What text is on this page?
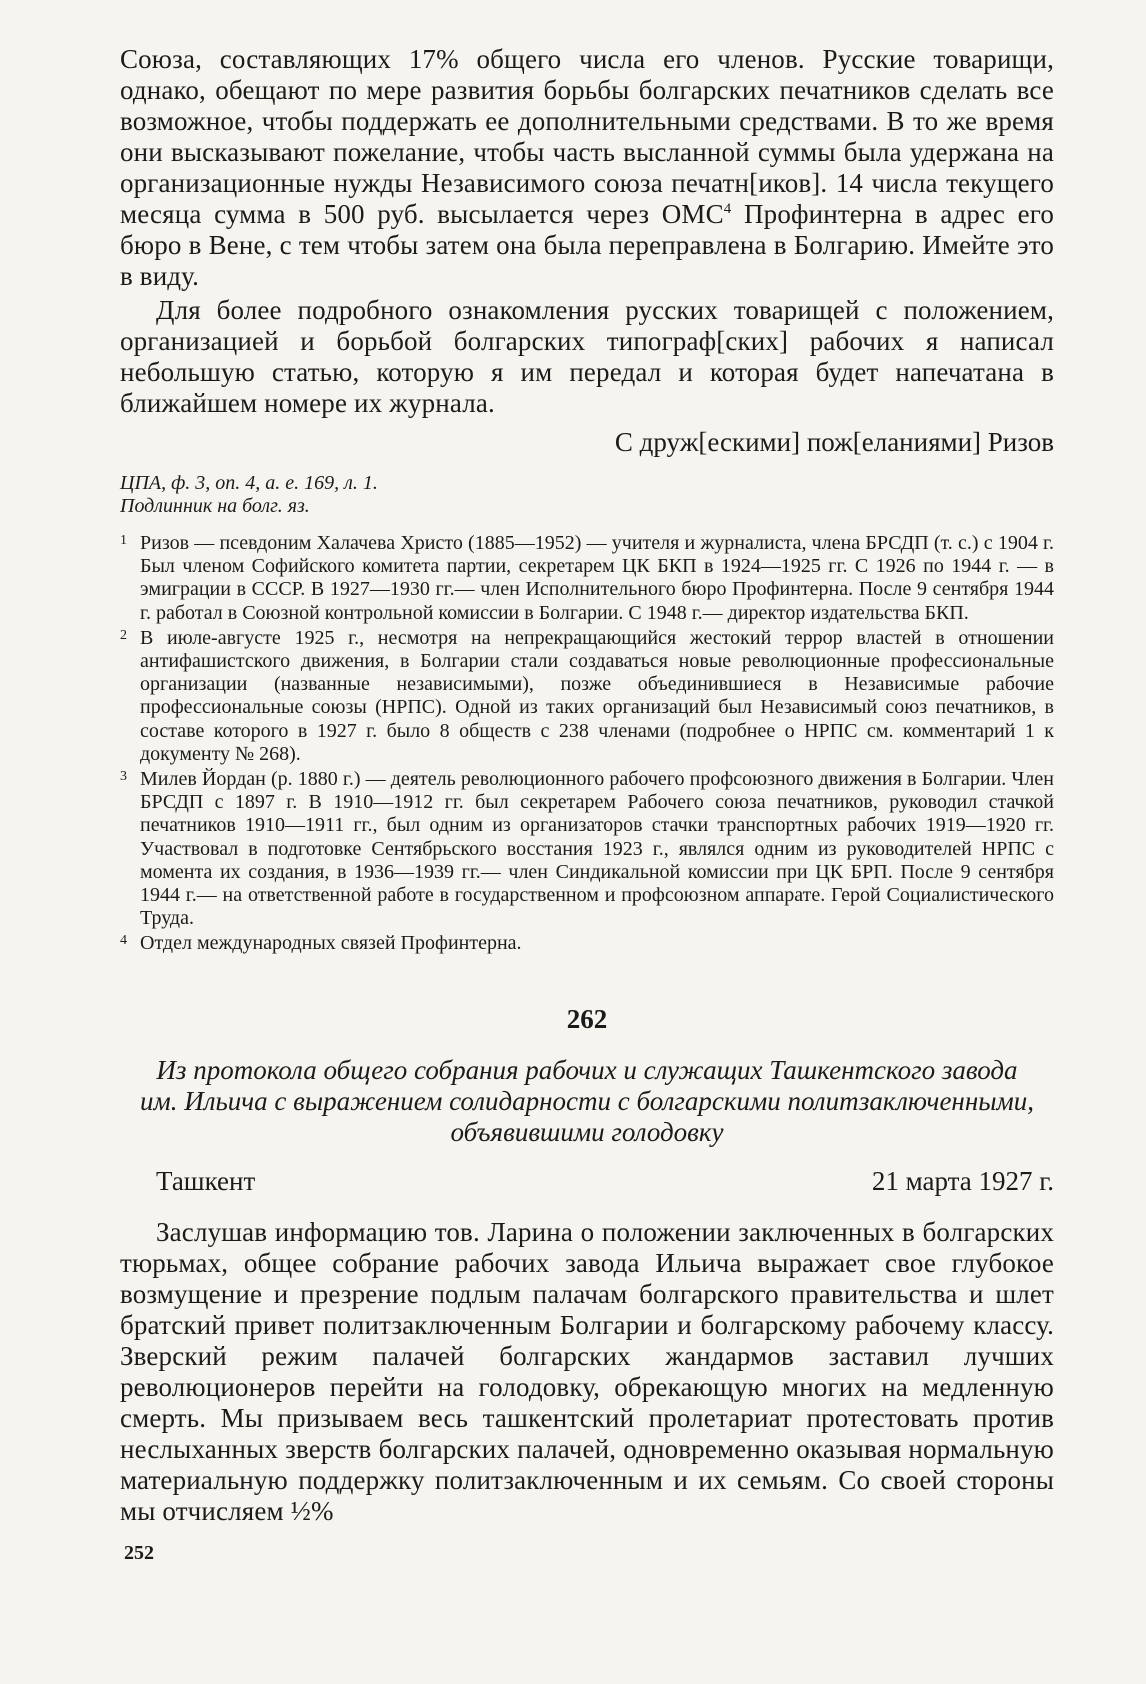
Союза, составляющих 17% общего числа его членов. Русские товарищи, однако, обещают по мере развития борьбы болгарских печатников сделать все возможное, чтобы поддержать ее дополнительными средствами. В то же время они высказывают пожелание, чтобы часть высланной суммы была удержана на организационные нужды Независимого союза печатн[иков]. 14 числа текущего месяца сумма в 500 руб. высылается через ОМС$^4$ Профинтерна в адрес его бюро в Вене, с тем чтобы затем она была переправлена в Болгарию. Имейте это в виду.

Для более подробного ознакомления русских товарищей с положением, организацией и борьбой болгарских типограф[ских] рабочих я написал небольшую статью, которую я им передал и которая будет напечатана в ближайшем номере их журнала.

С друж[ескими] пож[еланиями] Ризов

ЦПА, ф. 3, оп. 4, а. е. 169, л. 1.
Подлинник на болг. яз.
1 Ризов — псевдоним Халачева Христо (1885—1952) — учителя и журналиста, члена БРСДП (т. с.) с 1904 г. Был членом Софийского комитета партии, секретарем ЦК БКП в 1924—1925 гг. С 1926 по 1944 г. — в эмиграции в СССР. В 1927—1930 гг.— член Исполнительного бюро Профинтерна. После 9 сентября 1944 г. работал в Союзной контрольной комиссии в Болгарии. С 1948 г.— директор издательства БКП.
2 В июле-августе 1925 г., несмотря на непрекращающийся жестокий террор властей в отношении антифашистского движения, в Болгарии стали создаваться новые революционные профессиональные организации (названные независимыми), позже объединившиеся в Независимые рабочие профессиональные союзы (НРПС). Одной из таких организаций был Независимый союз печатников, в составе которого в 1927 г. было 8 обществ с 238 членами (подробнее о НРПС см. комментарий 1 к документу № 268).
3 Милев Йордан (р. 1880 г.) — деятель революционного рабочего профсоюзного движения в Болгарии. Член БРСДП с 1897 г. В 1910—1912 гг. был секретарем Рабочего союза печатников, руководил стачкой печатников 1910—1911 гг., был одним из организаторов стачки транспортных рабочих 1919—1920 гг. Участвовал в подготовке Сентябрьского восстания 1923 г., являлся одним из руководителей НРПС с момента их создания, в 1936—1939 гг.— член Синдикальной комиссии при ЦК БРП. После 9 сентября 1944 г.— на ответственной работе в государственном и профсоюзном аппарате. Герой Социалистического Труда.
4 Отдел международных связей Профинтерна.
262
Из протокола общего собрания рабочих и служащих Ташкентского завода им. Ильича с выражением солидарности с болгарскими политзаключенными, объявившими голодовку
Ташкент	21 марта 1927 г.

Заслушав информацию тов. Ларина о положении заключенных в болгарских тюрьмах, общее собрание рабочих завода Ильича выражает свое глубокое возмущение и презрение подлым палачам болгарского правительства и шлет братский привет политзаключенным Болгарии и болгарскому рабочему классу. Зверский режим палачей болгарских жандармов заставил лучших революционеров перейти на голодовку, обрекающую многих на медленную смерть. Мы призываем весь ташкентский пролетариат протестовать против неслыханных зверств болгарских палачей, одновременно оказывая нормальную материальную поддержку политзаключенным и их семьям. Со своей стороны мы отчисляем ½%

252
